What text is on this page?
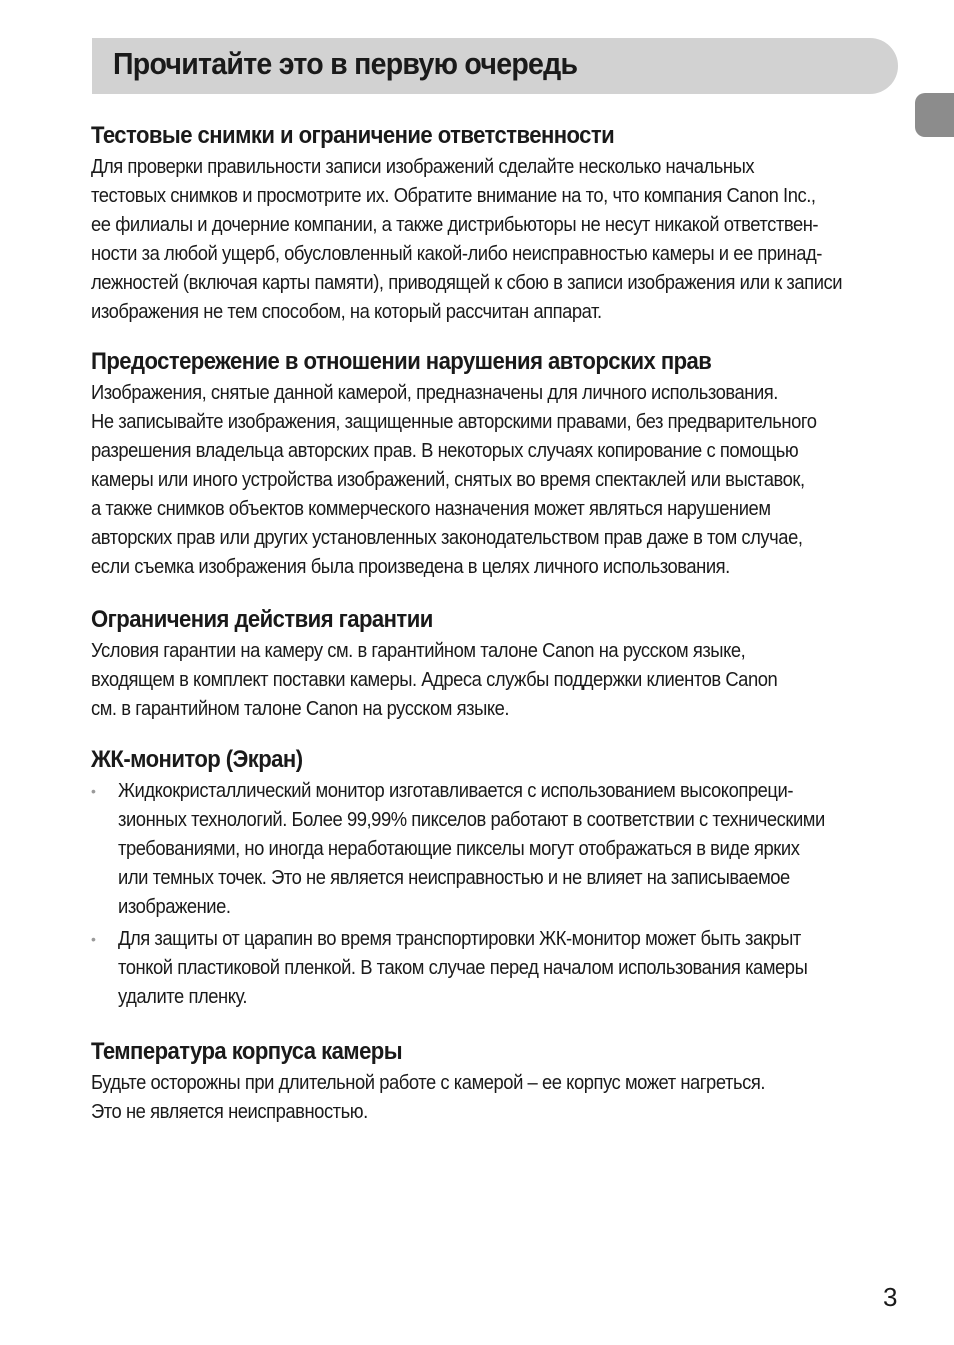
Прочитайте это в первую очередь
Тестовые снимки и ограничение ответственности

Для проверки правильности записи изображений сделайте несколько начальных
тестовых снимков и просмотрите их. Обратите внимание на то, что компания Canon Inc.,
ее филиалы и дочерние компании, а также дистрибьюторы не несут никакой ответствен-
ности за любой ущерб, обусловленный какой-либо неисправностью камеры и ее принад-
лежностей (включая карты памяти), приводящей к сбою в записи изображения или к записи
изображения не тем способом, на который рассчитан аппарат.

Предостережение в отношении нарушения авторских прав

Изображения, снятые данной камерой, предназначены для личного использования.
Не записывайте изображения, защищенные авторскими правами, без предварительного
разрешения владельца авторских прав. В некоторых случаях копирование с помощью
камеры или иного устройства изображений, снятых во время спектаклей или выставок,
а также снимков объектов коммерческого назначения может являться нарушением
авторских прав или других установленных законодательством прав даже в том случае,
если съемка изображения была произведена в целях личного использования.

Ограничения действия гарантии

Условия гарантии на камеру см. в гарантийном талоне Canon на русском языке,
входящем в комплект поставки камеры. Адреса службы поддержки клиентов Canon
см. в гарантийном талоне Canon на русском языке.

ЖК-монитор (Экран)
• Жидкокристаллический монитор изготавливается с использованием высокопреци-
зионных технологий. Более 99,99% пикселов работают в соответствии с техническими
требованиями, но иногда неработающие пикселы могут отображаться в виде ярких
или темных точек. Это не является неисправностью и не влияет на записываемое
изображение.
• Для защиты от царапин во время транспортировки ЖК-монитор может быть закрыт
тонкой пластиковой пленкой. В таком случае перед началом использования камеры
удалите пленку.
Температура корпуса камеры

Будьте осторожны при длительной работе с камерой – ее корпус может нагреться.
Это не является неисправностью.

3
